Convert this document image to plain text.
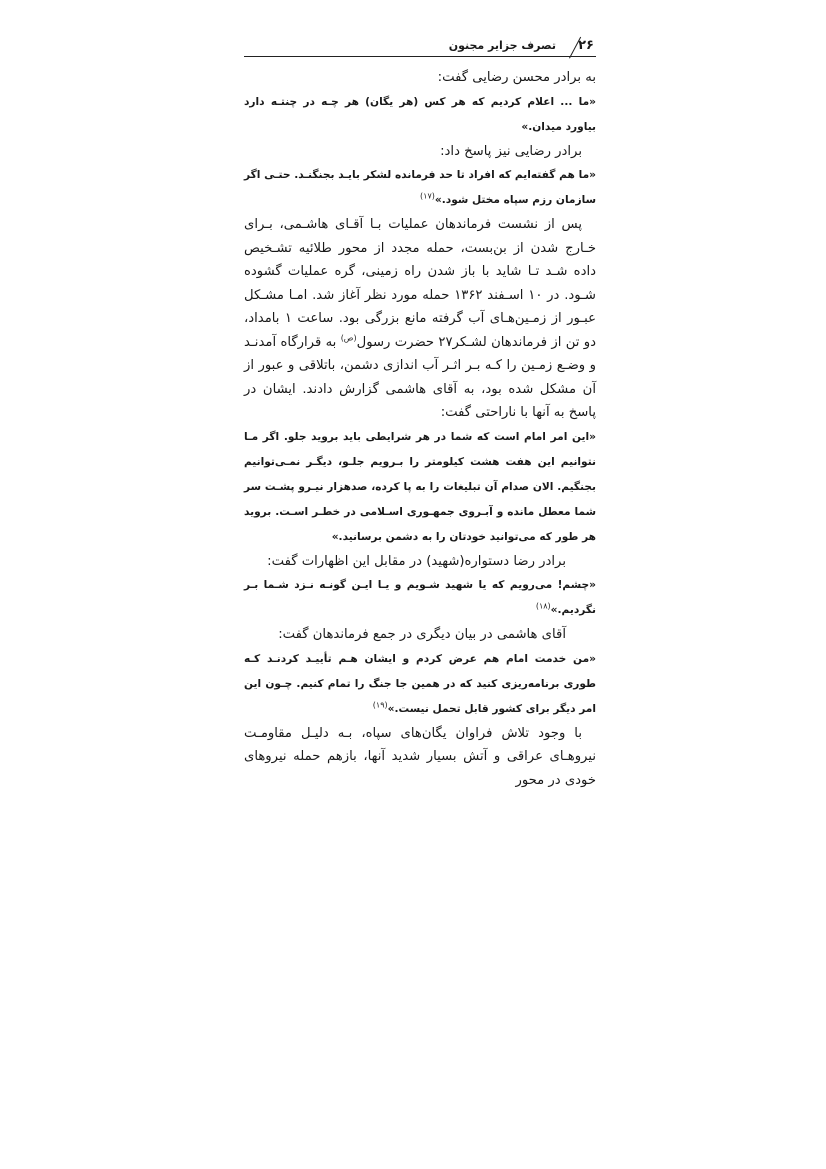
۲۶
تصرف جزایر مجنون

به برادر محسن رضایی گفت:

«ما ... اعلام کردیم که هر کس (هر یگان) هر چـه در چنتـه دارد بیاورد میدان.»

برادر رضایی نیز پاسخ داد:

«ما هم گفته‌ایم که افراد تا حد فرمانده لشکر بایـد بجنگنـد. حتـی اگر سازمان رزم سپاه مختل شود.»$^{(۱۷)}$

پس از نشست فرماندهان عملیات بـا آقـای هاشـمی، بـرای خـارج شدن از بن‌بست، حمله مجدد از محور طلائیه تشـخیص داده شـد تـا شاید با باز شدن راه زمینی، گره عملیات گشوده شـود. در ۱۰ اسـفند ۱۳۶۲ حمله مورد نظر آغاز شد. امـا مشـکل عبـور از زمـین‌هـای آب گرفته مانع بزرگی بود. ساعت ۱ بامداد، دو تن از فرماندهان لشـکر۲۷ حضرت رسول$^{(ص)}$ به قرارگاه آمدنـد و وضـع زمـین را کـه بـر اثـر آب اندازی دشمن، باتلاقی و عبور از آن مشکل شده بود، به آقای هاشمی گزارش دادند. ایشان در پاسخ به آنها با ناراحتی گفت:

«این امر امام است که شما در هر شرایطی باید بروید جلو. اگر مـا نتوانیم این هفت هشت کیلومتر را بـرویم جلـو، دیگـر نمـی‌توانیم بجنگیم. الان صدام آن تبلیغات را به پا کرده، صدهزار نیـرو پشـت سر شما معطل مانده و آبـروی جمهـوری اسـلامی در خطـر اسـت. بروید هر طور که می‌توانید خودتان را به دشمن برسانید.»

برادر رضا دستواره(شهید) در مقابل این اظهارات گفت:

«چشم! می‌رویم که یا شهید شـویم و یـا ایـن گونـه نـزد شـما بـر نگردیم.»$^{(۱۸)}$

آقای هاشمی در بیان دیگری در جمع فرماندهان گفت:

«من خدمت امام هم عرض کردم و ایشان هـم تأییـد کردنـد کـه طوری برنامه‌ریزی کنید که در همین جا جنگ را تمام کنیم. چـون این امر دیگر برای کشور قابل تحمل نیست.»$^{(۱۹)}$

با وجود تلاش فراوان یگان‌های سپاه، بـه دلیـل مقاومـت نیروهـای عراقی و آتش بسیار شدید آنها، بازهم حمله نیروهای خودی در محور
